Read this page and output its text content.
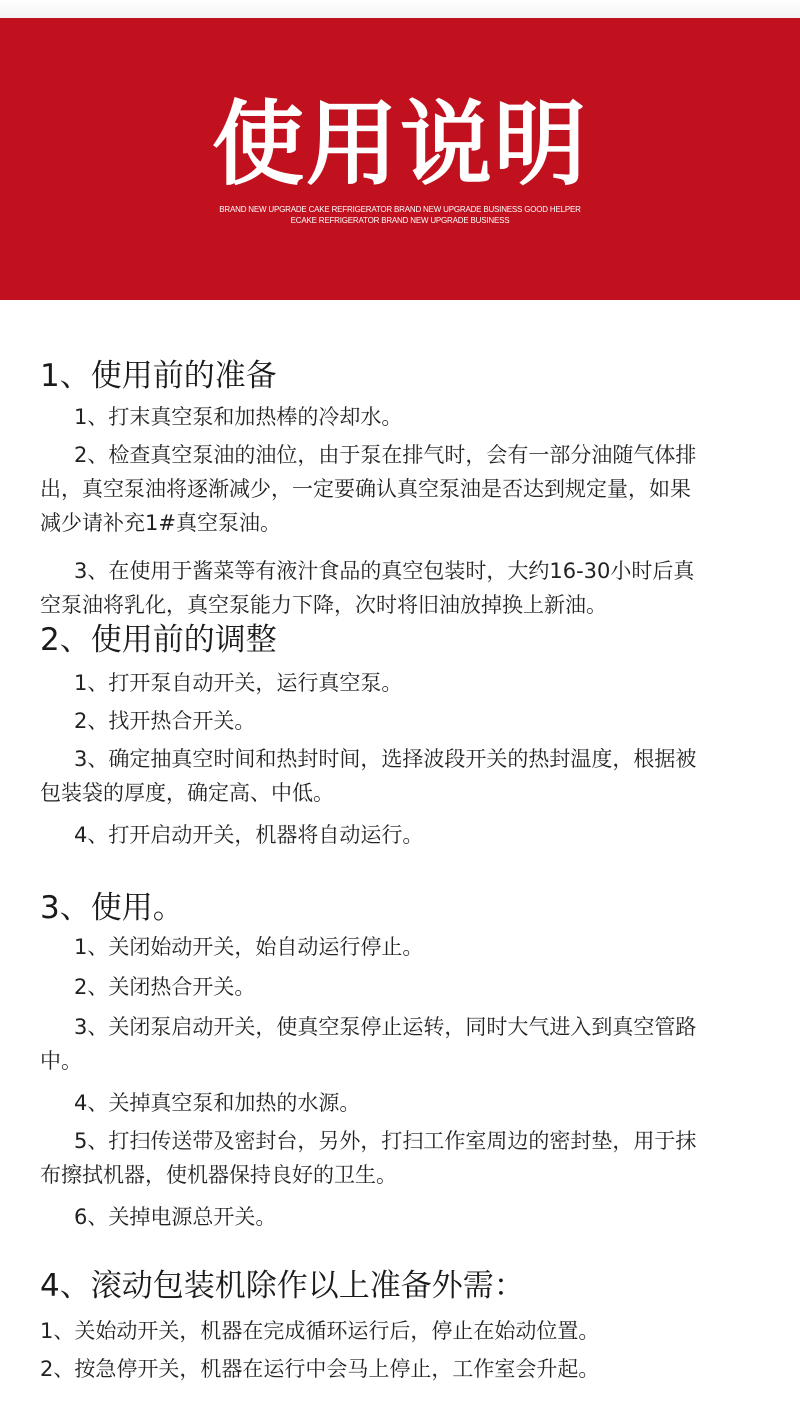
使用说明
BRAND NEW UPGRADE CAKE REFRIGERATOR BRAND NEW UPGRADE BUSINESS GOOD HELPER
ECAKE REFRIGERATOR BRAND NEW UPGRADE BUSINESS
1、使用前的准备
1、打末真空泵和加热棒的冷却水。
2、检查真空泵油的油位，由于泵在排气时，会有一部分油随气体排
出，真空泵油将逐渐减少，一定要确认真空泵油是否达到规定量，如果
减少请补充1#真空泵油。
3、在使用于酱菜等有液汁食品的真空包装时，大约16-30小时后真
空泵油将乳化，真空泵能力下降，次时将旧油放掉换上新油。
2、使用前的调整
1、打开泵自动开关，运行真空泵。
2、找开热合开关。
3、确定抽真空时间和热封时间，选择波段开关的热封温度，根据被
包装袋的厚度，确定高、中低。
4、打开启动开关，机器将自动运行。
3、使用。
1、关闭始动开关，始自动运行停止。
2、关闭热合开关。
3、关闭泵启动开关，使真空泵停止运转，同时大气进入到真空管路
中。
4、关掉真空泵和加热的水源。
5、打扫传送带及密封台，另外，打扫工作室周边的密封垫，用于抹
布擦拭机器，使机器保持良好的卫生。
6、关掉电源总开关。
4、滚动包装机除作以上准备外需：
1、关始动开关，机器在完成循环运行后，停止在始动位置。
2、按急停开关，机器在运行中会马上停止，工作室会升起。
